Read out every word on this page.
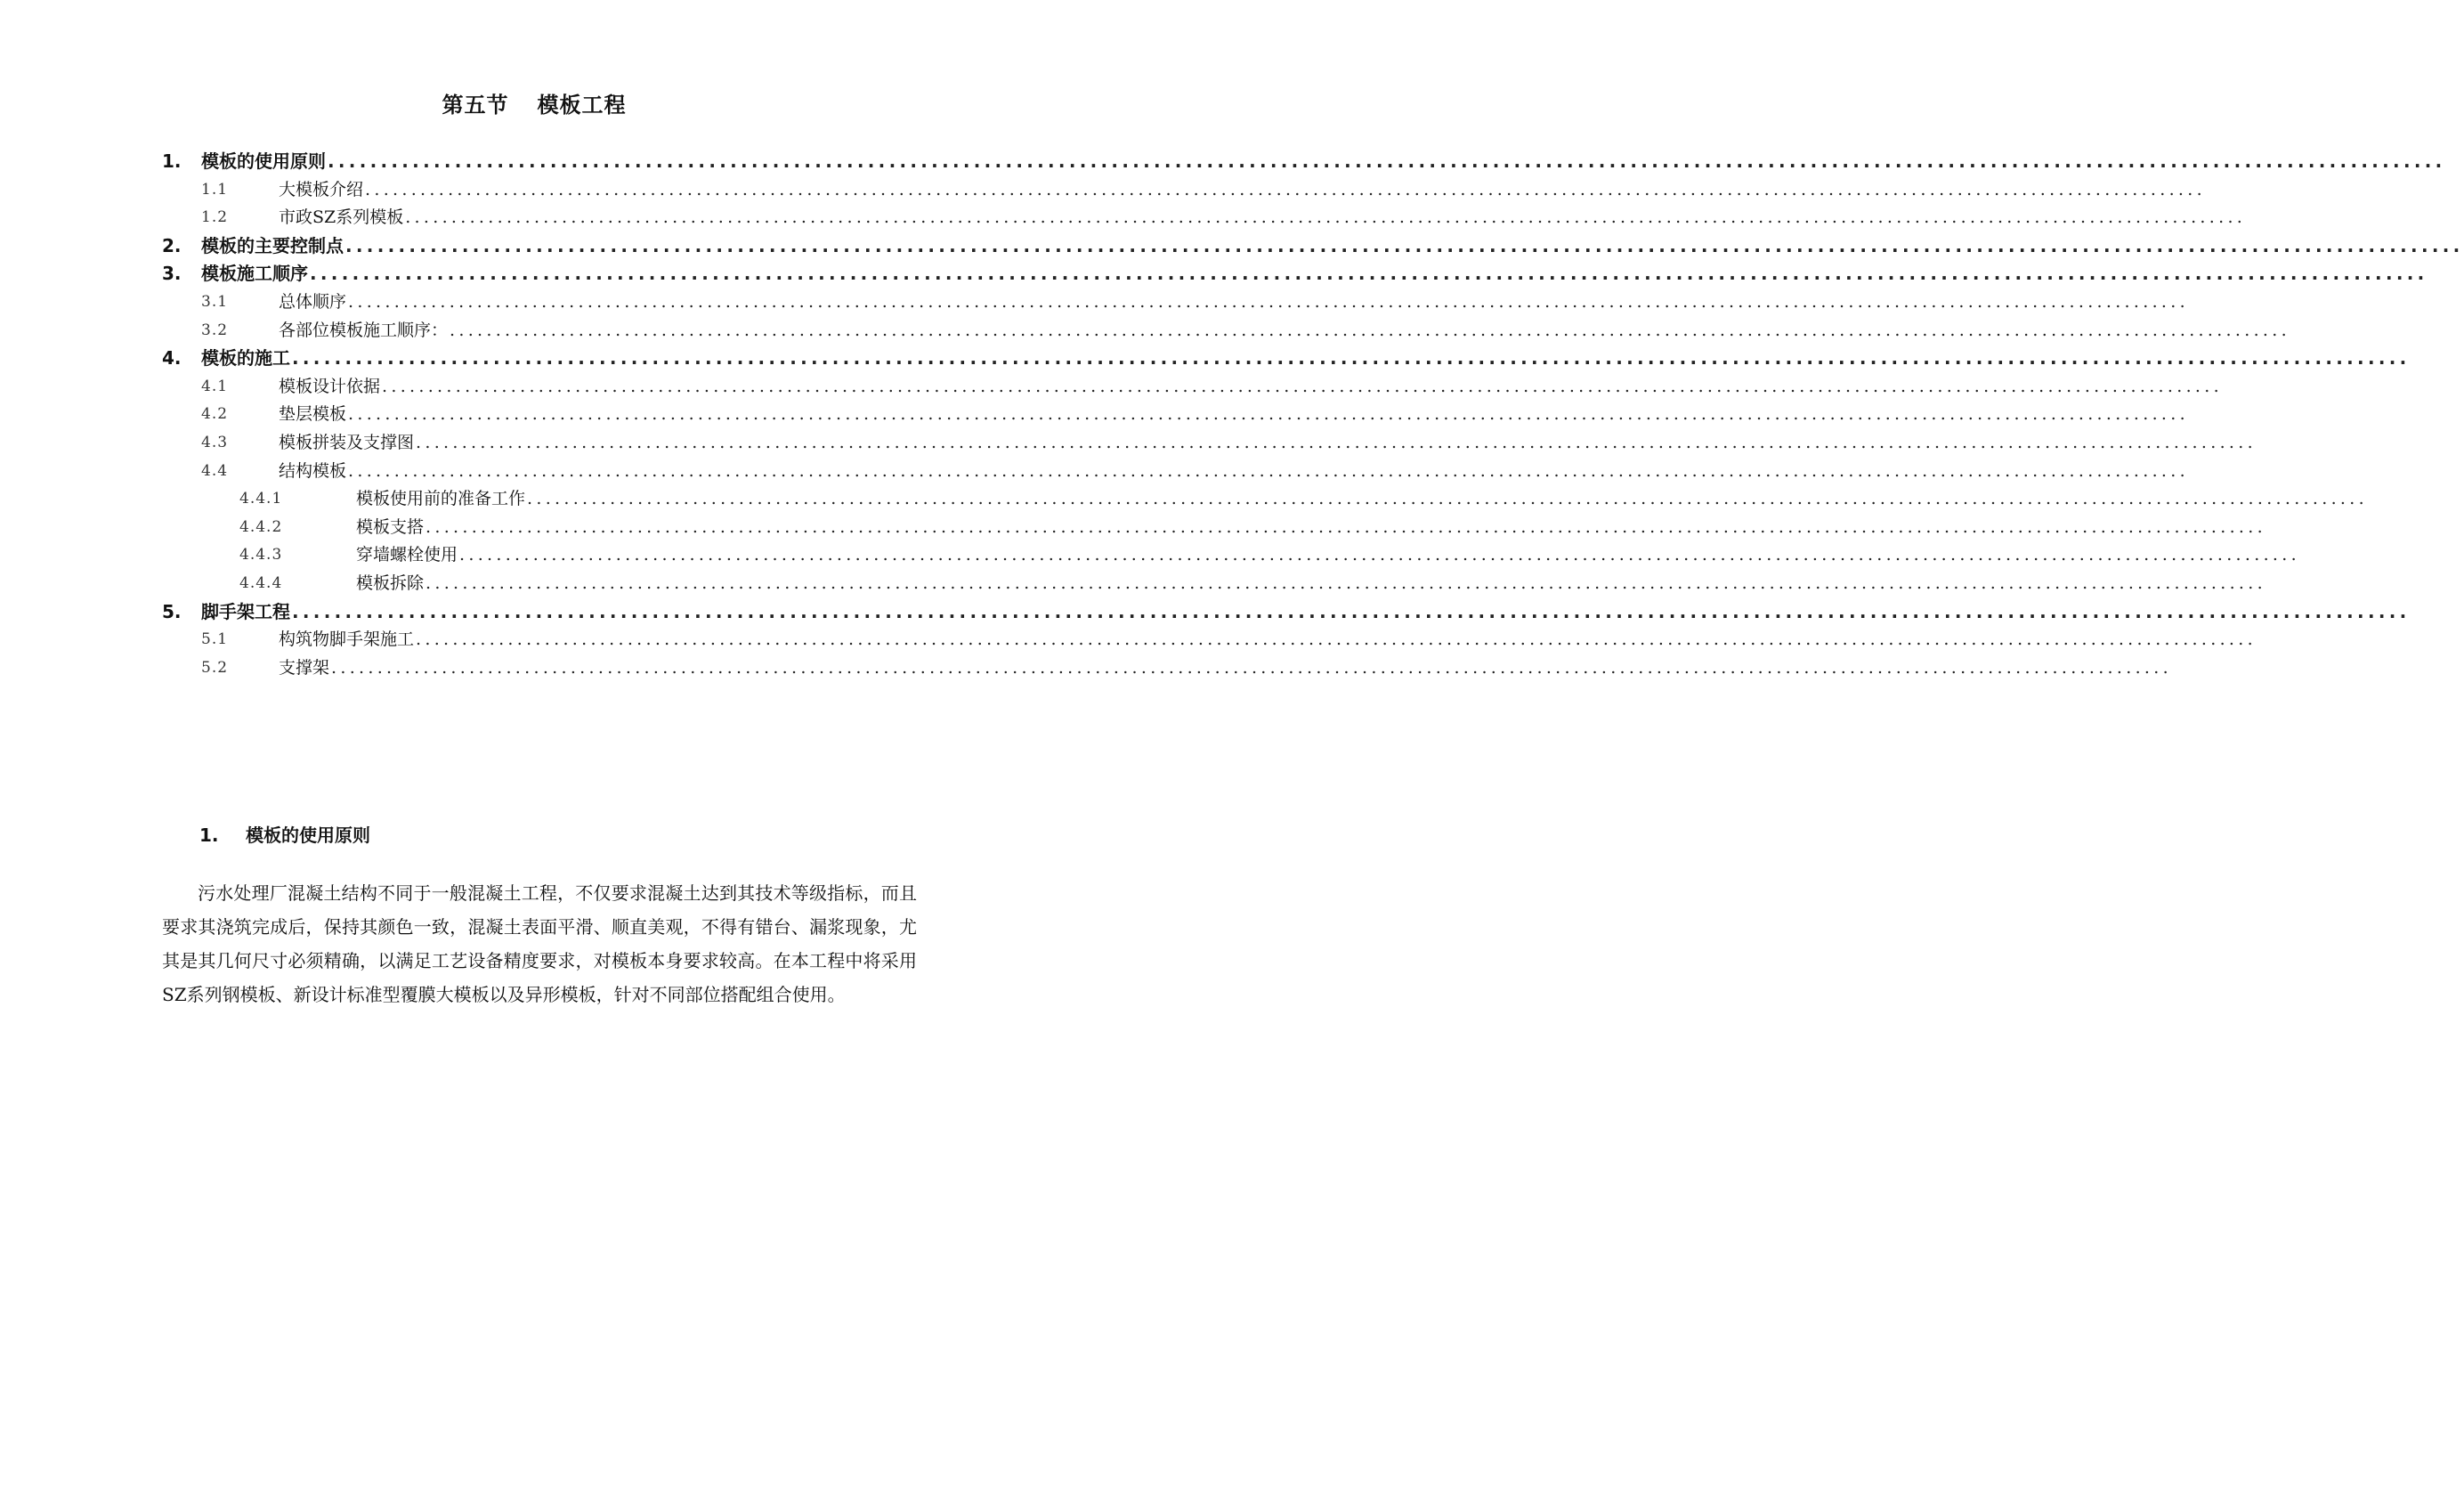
第五节 模板工程
1. 模板的使用原则 ........................................................................................................................................................................................................
1.1	大模板介绍 ........................................................................................................................................................................................................
1.2	市政SZ系列模板 ........................................................................................................................................................................................................
2. 模板的主要控制点 ........................................................................................................................................................................................................
3. 模板施工顺序 ........................................................................................................................................................................................................
3.1	总体顺序 ........................................................................................................................................................................................................
3.2	各部位模板施工顺序： ........................................................................................................................................................................................................
4. 模板的施工 ........................................................................................................................................................................................................
4.1	模板设计依据 ........................................................................................................................................................................................................
4.2	垫层模板 ........................................................................................................................................................................................................
4.3	模板拼装及支撑图 ........................................................................................................................................................................................................
4.4	结构模板 ........................................................................................................................................................................................................
4.4.1	模板使用前的准备工作 ........................................................................................................................................................................................................
4.4.2	模板支搭 ........................................................................................................................................................................................................
4.4.3	穿墙螺栓使用 ........................................................................................................................................................................................................
4.4.4	模板拆除 ........................................................................................................................................................................................................
5. 脚手架工程 ........................................................................................................................................................................................................
5.1	构筑物脚手架施工 ........................................................................................................................................................................................................
5.2	支撑架 ........................................................................................................................................................................................................
1. 模板的使用原则
污水处理厂混凝土结构不同于一般混凝土工程，不仅要求混凝土达到其技术等级指标，而且要求其浇筑完成后，保持其颜色一致，混凝土表面平滑、顺直美观，不得有错台、漏浆现象，尤其是其几何尺寸必须精确，以满足工艺设备精度要求，对模板本身要求较高。在本工程中将采用SZ系列钢模板、新设计标准型覆膜大模板以及异形模板，针对不同部位搭配组合使用。
